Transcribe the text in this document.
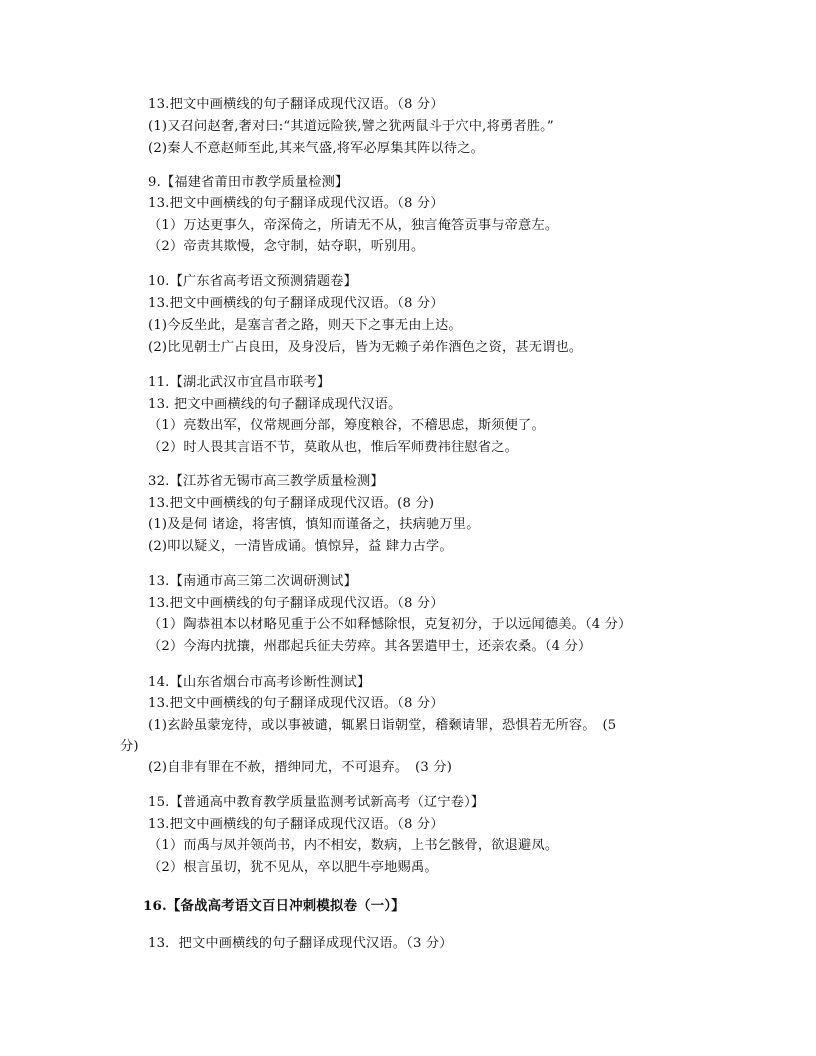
13.把文中画横线的句子翻译成现代汉语。（8 分）
(1)又召问赵奢,奢对曰:“其道远险狭,譬之犹两鼠斗于穴中,将勇者胜。”
(2)秦人不意赵师至此,其来气盛,将军必厚集其阵以待之。
9.【福建省莆田市教学质量检测】
13.把文中画横线的句子翻译成现代汉语。（8 分）
（1）万达更事久，帝深倚之，所请无不从，独言俺答贡事与帝意左。
（2）帝责其欺慢，念守制，姑夺职，听别用。
10.【广东省高考语文预测猜题卷】
13.把文中画横线的句子翻译成现代汉语。（8 分）
(1)今反坐此，是塞言者之路，则天下之事无由上达。
(2)比见朝士广占良田，及身没后，皆为无赖子弟作酒色之资，甚无谓也。
11.【湖北武汉市宜昌市联考】
13. 把文中画横线的句子翻译成现代汉语。
（1）亮数出军，仪常规画分部，筹度粮谷，不稽思虑，斯须便了。
（2）时人畏其言语不节，莫敢从也，惟后军师费祎往慰省之。
32.【江苏省无锡市高三教学质量检测】
13.把文中画横线的句子翻译成现代汉语。(8 分)
(1)及是伺 诸途，将害慎，慎知而谨备之，扶病驰万里。
(2)叩以疑义，一清皆成诵。慎惊异，益 肆力古学。
13.【南通市高三第二次调研测试】
13.把文中画横线的句子翻译成现代汉语。（8 分）
（1）陶恭祖本以材略见重于公不如释憾除恨，克复初分，于以远闻德美。（4 分）
（2）今海内扰攘，州郡起兵征夫劳瘁。其各罢遣甲士，还亲农桑。（4 分）
14.【山东省烟台市高考诊断性测试】
13.把文中画横线的句子翻译成现代汉语。（8 分）
(1)玄龄虽蒙宠待，或以事被谴，辄累日诣朝堂，稽颡请罪，恐惧若无所容。　(5
分)
(2)自非有罪在不赦，搢绅同尤，不可退弃。　(3 分)
15.【普通高中教育教学质量监测考试新高考（辽宁卷）】
13.把文中画横线的句子翻译成现代汉语。（8 分）
（1）而禹与凤并领尚书，内不相安，数病，上书乞骸骨，欲退避凤。
（2）根言虽切，犹不见从，卒以肥牛亭地赐禹。
16.【备战高考语文百日冲刺模拟卷（一）】
13．把文中画横线的句子翻译成现代汉语。（3 分）
